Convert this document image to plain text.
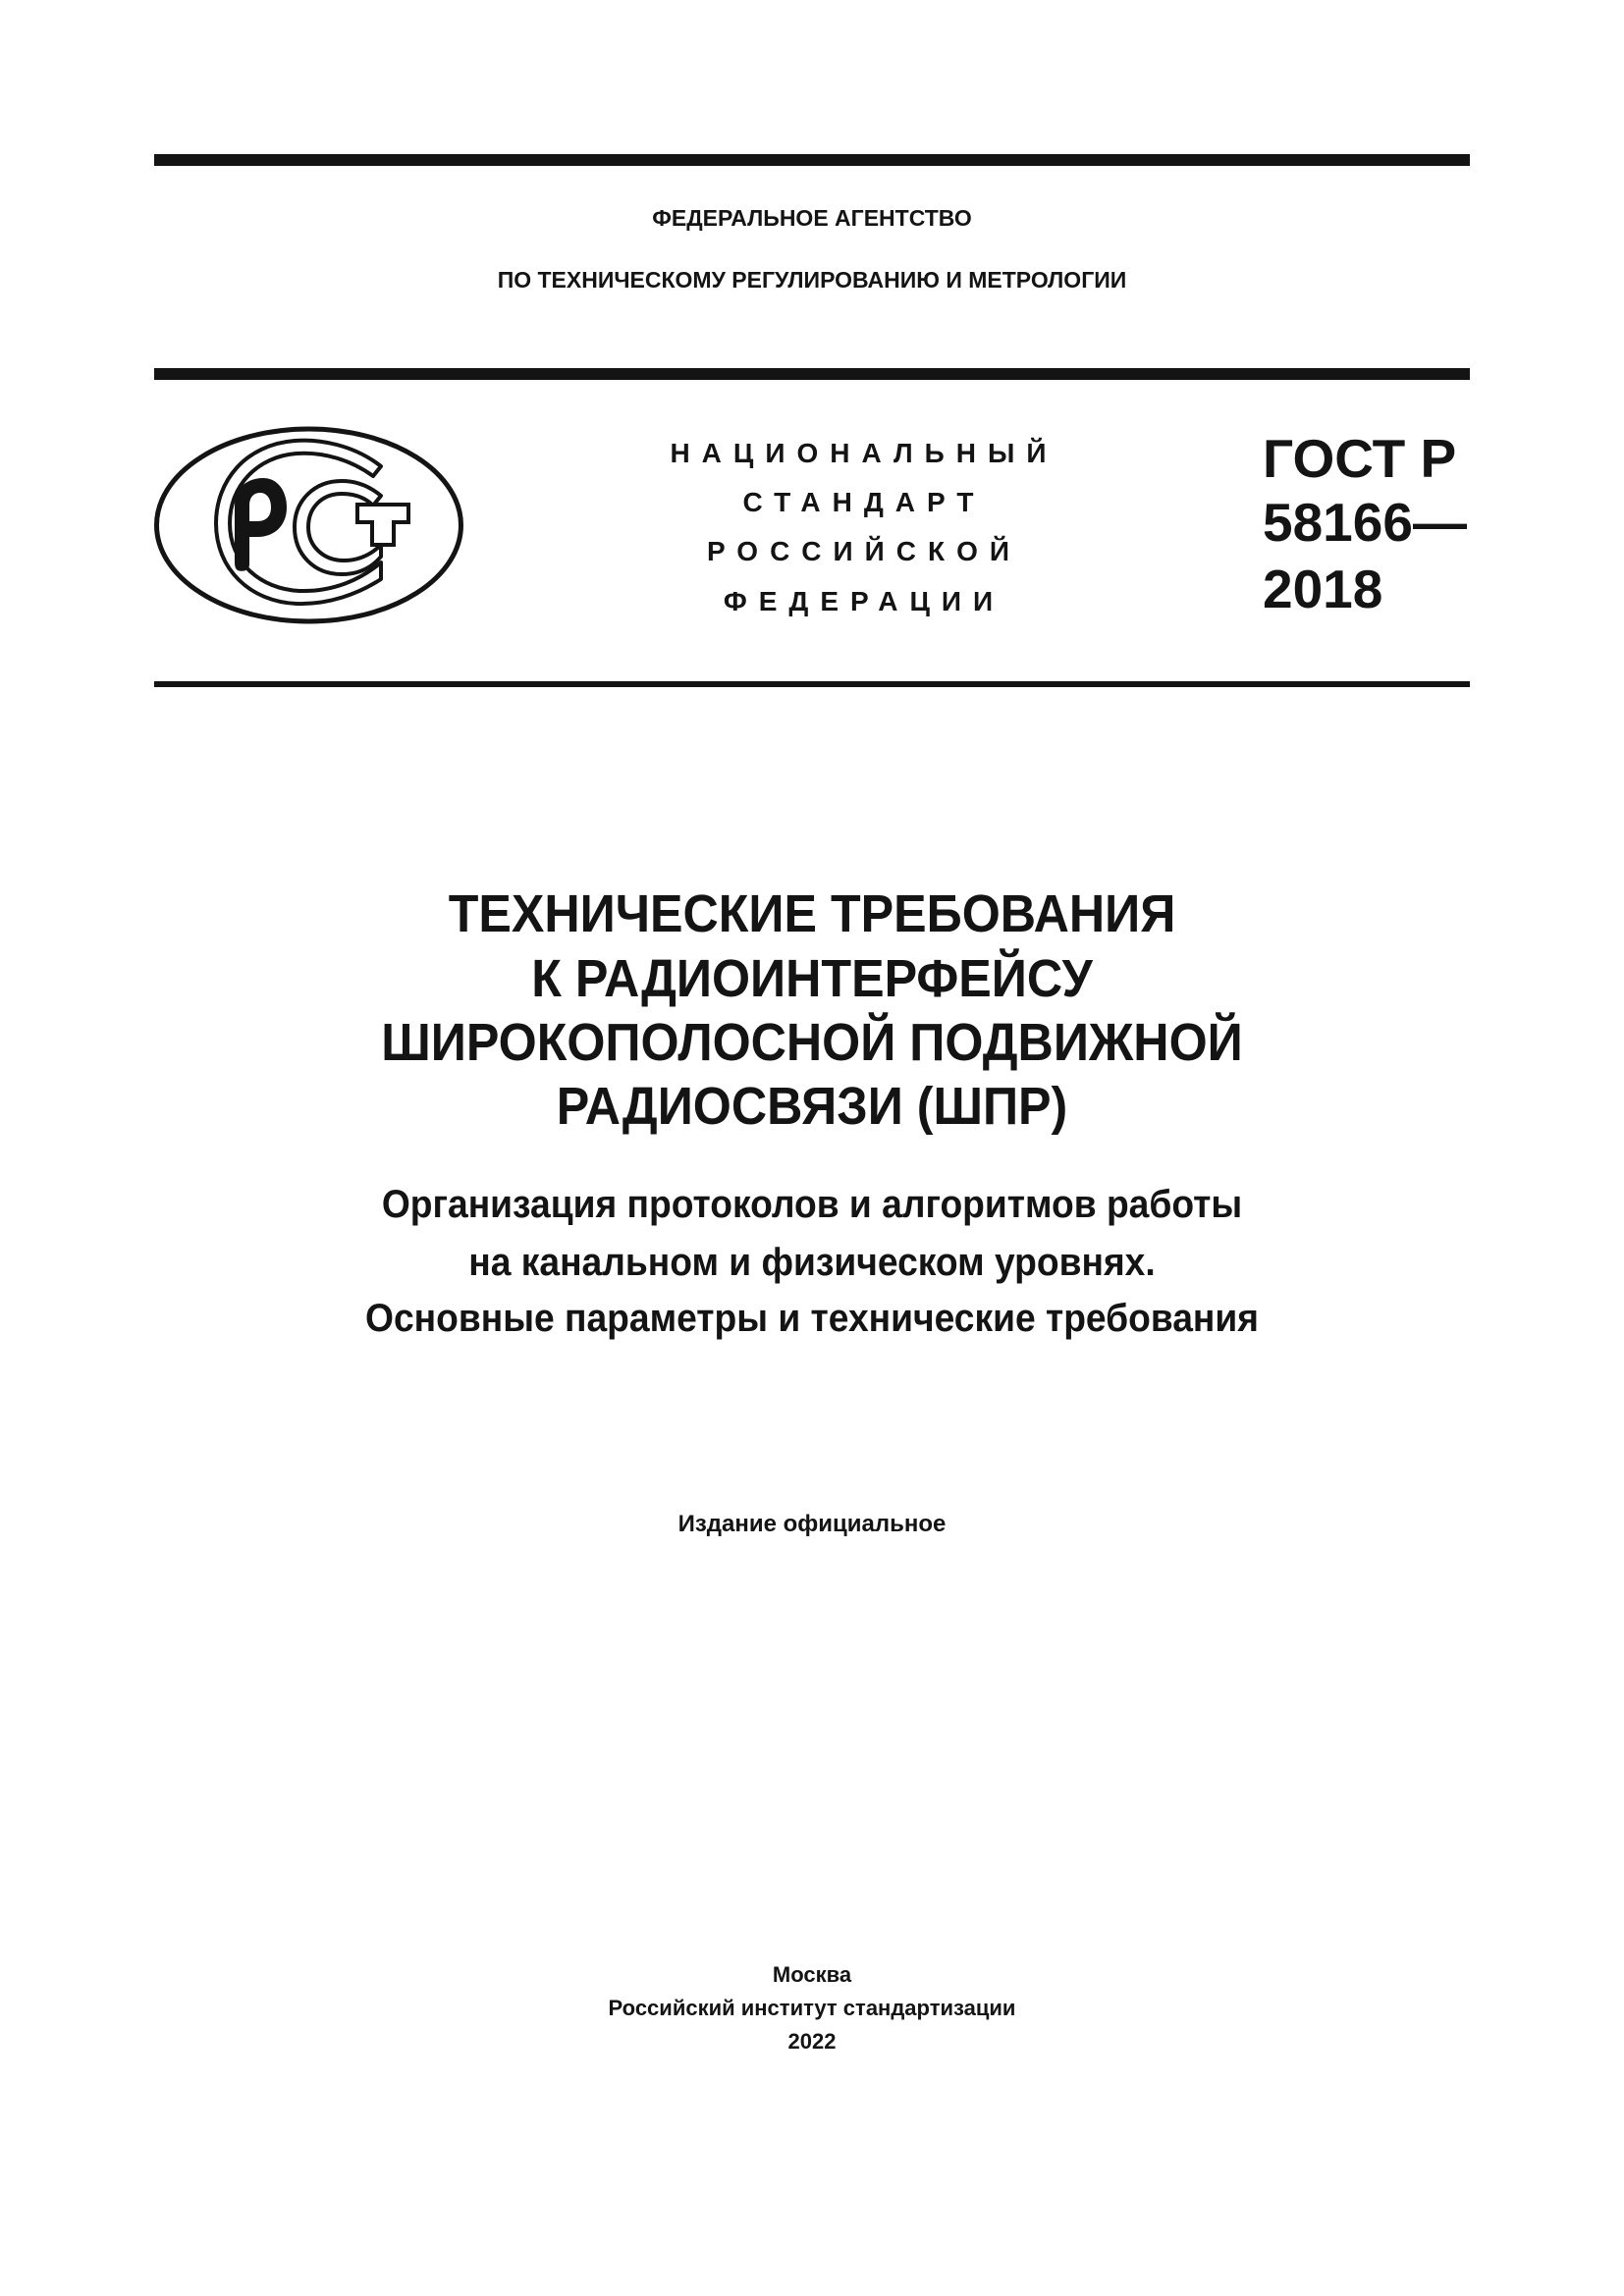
ФЕДЕРАЛЬНОЕ АГЕНТСТВО
ПО ТЕХНИЧЕСКОМУ РЕГУЛИРОВАНИЮ И МЕТРОЛОГИИ
НАЦИОНАЛЬНЫЙ
СТАНДАРТ
РОССИЙСКОЙ
ФЕДЕРАЦИИ
ГОСТ Р
58166—
2018
ТЕХНИЧЕСКИЕ ТРЕБОВАНИЯ
К РАДИОИНТЕРФЕЙСУ
ШИРОКОПОЛОСНОЙ ПОДВИЖНОЙ
РАДИОСВЯЗИ (ШПР)
Организация протоколов и алгоритмов работы
на канальном и физическом уровнях.
Основные параметры и технические требования
Издание официальное
Москва
Российский институт стандартизации
2022
